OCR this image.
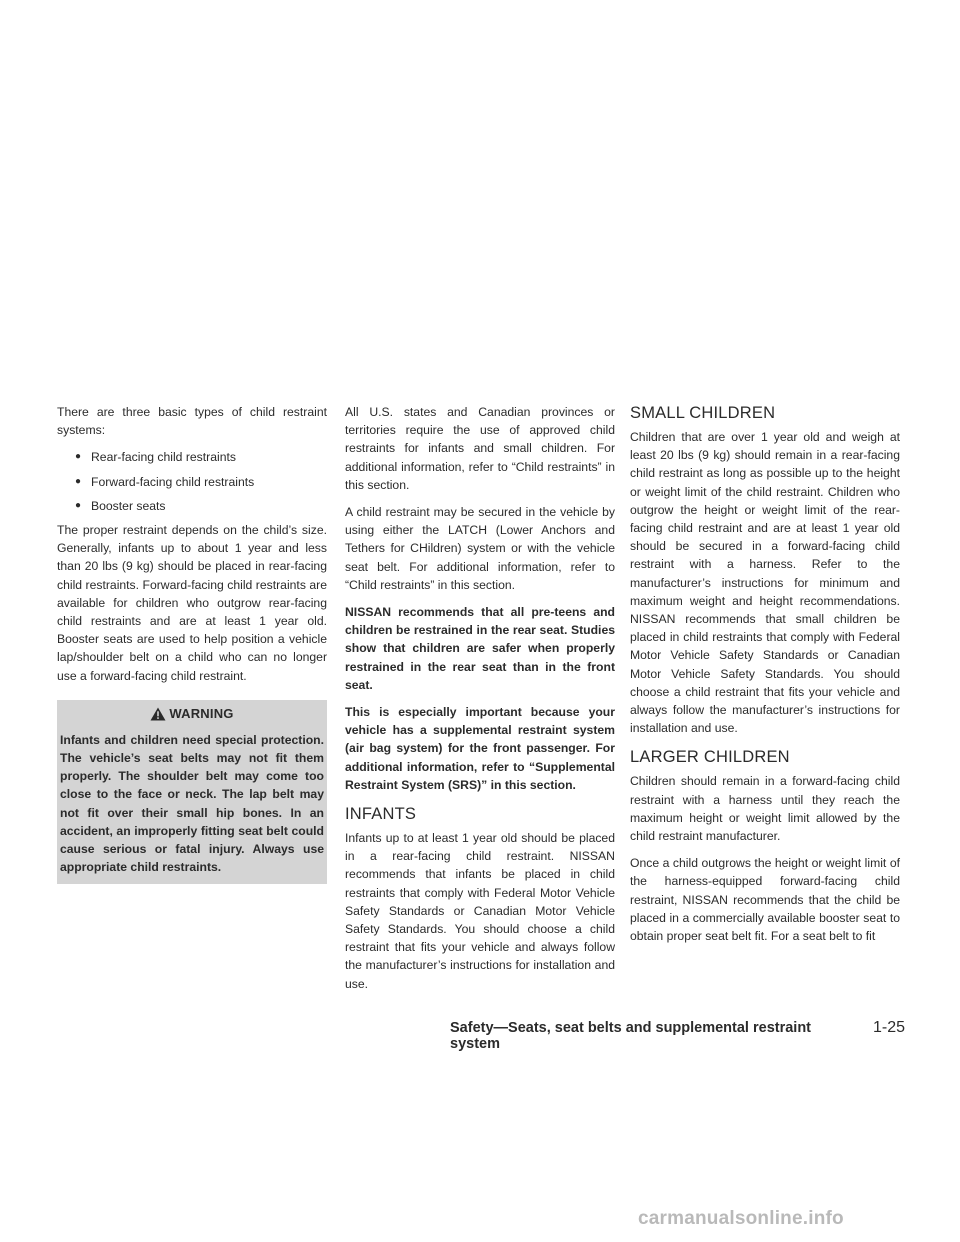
There are three basic types of child restraint systems:

● Rear-facing child restraints
● Forward-facing child restraints
● Booster seats

The proper restraint depends on the child’s size. Generally, infants up to about 1 year and less than 20 lbs (9 kg) should be placed in rear-facing child restraints. Forward-facing child restraints are available for children who outgrow rear-facing child restraints and are at least 1 year old. Booster seats are used to help position a vehicle lap/shoulder belt on a child who can no longer use a forward-facing child restraint.

WARNING
Infants and children need special protection. The vehicle’s seat belts may not fit them properly. The shoulder belt may come too close to the face or neck. The lap belt may not fit over their small hip bones. In an accident, an improperly fitting seat belt could cause serious or fatal injury. Always use appropriate child restraints.

All U.S. states and Canadian provinces or territories require the use of approved child restraints for infants and small children. For additional information, refer to “Child restraints” in this section.

A child restraint may be secured in the vehicle by using either the LATCH (Lower Anchors and Tethers for CHildren) system or with the vehicle seat belt. For additional information, refer to “Child restraints” in this section.

NISSAN recommends that all pre-teens and children be restrained in the rear seat. Studies show that children are safer when properly restrained in the rear seat than in the front seat.

This is especially important because your vehicle has a supplemental restraint system (air bag system) for the front passenger. For additional information, refer to “Supplemental Restraint System (SRS)” in this section.

INFANTS

Infants up to at least 1 year old should be placed in a rear-facing child restraint. NISSAN recommends that infants be placed in child restraints that comply with Federal Motor Vehicle Safety Standards or Canadian Motor Vehicle Safety Standards. You should choose a child restraint that fits your vehicle and always follow the manufacturer’s instructions for installation and use.

SMALL CHILDREN

Children that are over 1 year old and weigh at least 20 lbs (9 kg) should remain in a rear-facing child restraint as long as possible up to the height or weight limit of the child restraint. Children who outgrow the height or weight limit of the rear-facing child restraint and are at least 1 year old should be secured in a forward-facing child restraint with a harness. Refer to the manufacturer’s instructions for minimum and maximum weight and height recommendations. NISSAN recommends that small children be placed in child restraints that comply with Federal Motor Vehicle Safety Standards or Canadian Motor Vehicle Safety Standards. You should choose a child restraint that fits your vehicle and always follow the manufacturer’s instructions for installation and use.

LARGER CHILDREN

Children should remain in a forward-facing child restraint with a harness until they reach the maximum height or weight limit allowed by the child restraint manufacturer.

Once a child outgrows the height or weight limit of the harness-equipped forward-facing child restraint, NISSAN recommends that the child be placed in a commercially available booster seat to obtain proper seat belt fit. For a seat belt to fit

Safety—Seats, seat belts and supplemental restraint system
1-25
carmanualsonline.info
